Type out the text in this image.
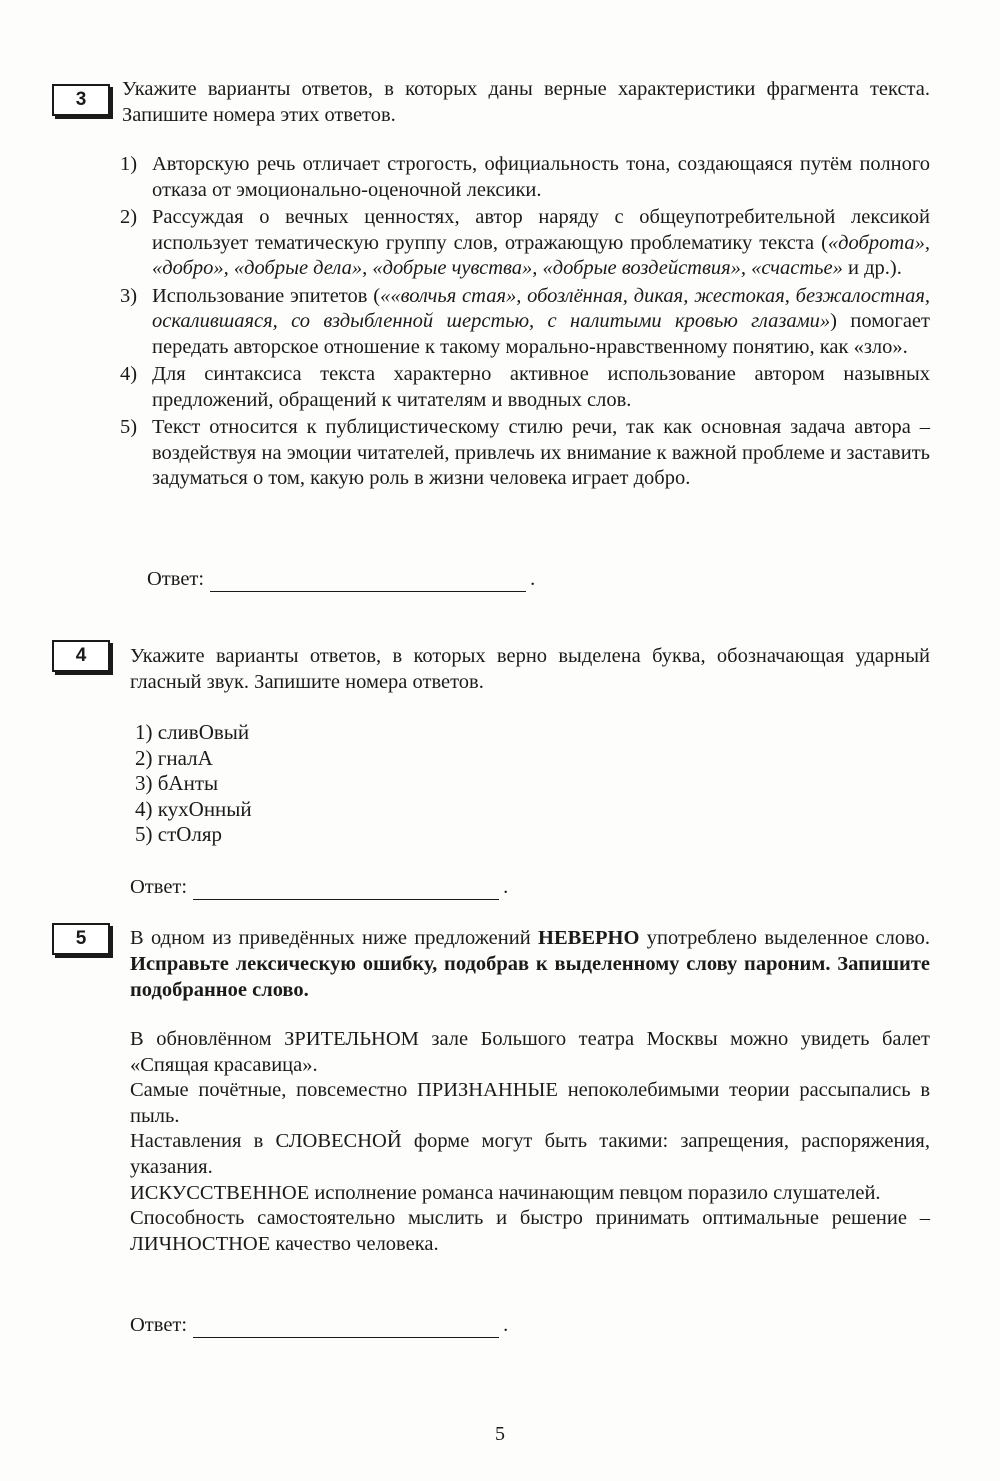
3	Укажите варианты ответов, в которых даны верные характеристики фрагмента текста. Запишите номера этих ответов.
1) Авторскую речь отличает строгость, официальность тона, создающаяся путём полного отказа от эмоционально-оценочной лексики.
2) Рассуждая о вечных ценностях, автор наряду с общеупотребительной лексикой использует тематическую группу слов, отражающую проблематику текста («доброта», «добро», «добрые дела», «добрые чувства», «добрые воздействия», «счастье» и др.).
3) Использование эпитетов (««волчья стая», обозлённая, дикая, жестокая, безжалостная, оскалившаяся, со вздыбленной шерстью, с налитыми кровью глазами») помогает передать авторское отношение к такому морально-нравственному понятию, как «зло».
4) Для синтаксиса текста характерно активное использование автором назывных предложений, обращений к читателям и вводных слов.
5) Текст относится к публицистическому стилю речи, так как основная задача автора – воздействуя на эмоции читателей, привлечь их внимание к важной проблеме и заставить задуматься о том, какую роль в жизни человека играет добро.
Ответ:	.
4	Укажите варианты ответов, в которых верно выделена буква, обозначающая ударный гласный звук. Запишите номера ответов.
1) сливОвый
2) гналА
3) бАнты
4) кухОнный
5) стОляр
Ответ:	.
5	В одном из приведённых ниже предложений НЕВЕРНО употреблено выделенное слово. Исправьте лексическую ошибку, подобрав к выделенному слову пароним. Запишите подобранное слово.

В обновлённом ЗРИТЕЛЬНОМ зале Большого театра Москвы можно увидеть балет «Спящая красавица».

Самые почётные, повсеместно ПРИЗНАННЫЕ непоколебимыми теории рассыпались в пыль.

Наставления в СЛОВЕСНОЙ форме могут быть такими: запрещения, распоряжения, указания.

ИСКУССТВЕННОЕ исполнение романса начинающим певцом поразило слушателей.

Способность самостоятельно мыслить и быстро принимать оптимальные решение – ЛИЧНОСТНОЕ качество человека.

Ответ:	.
5
